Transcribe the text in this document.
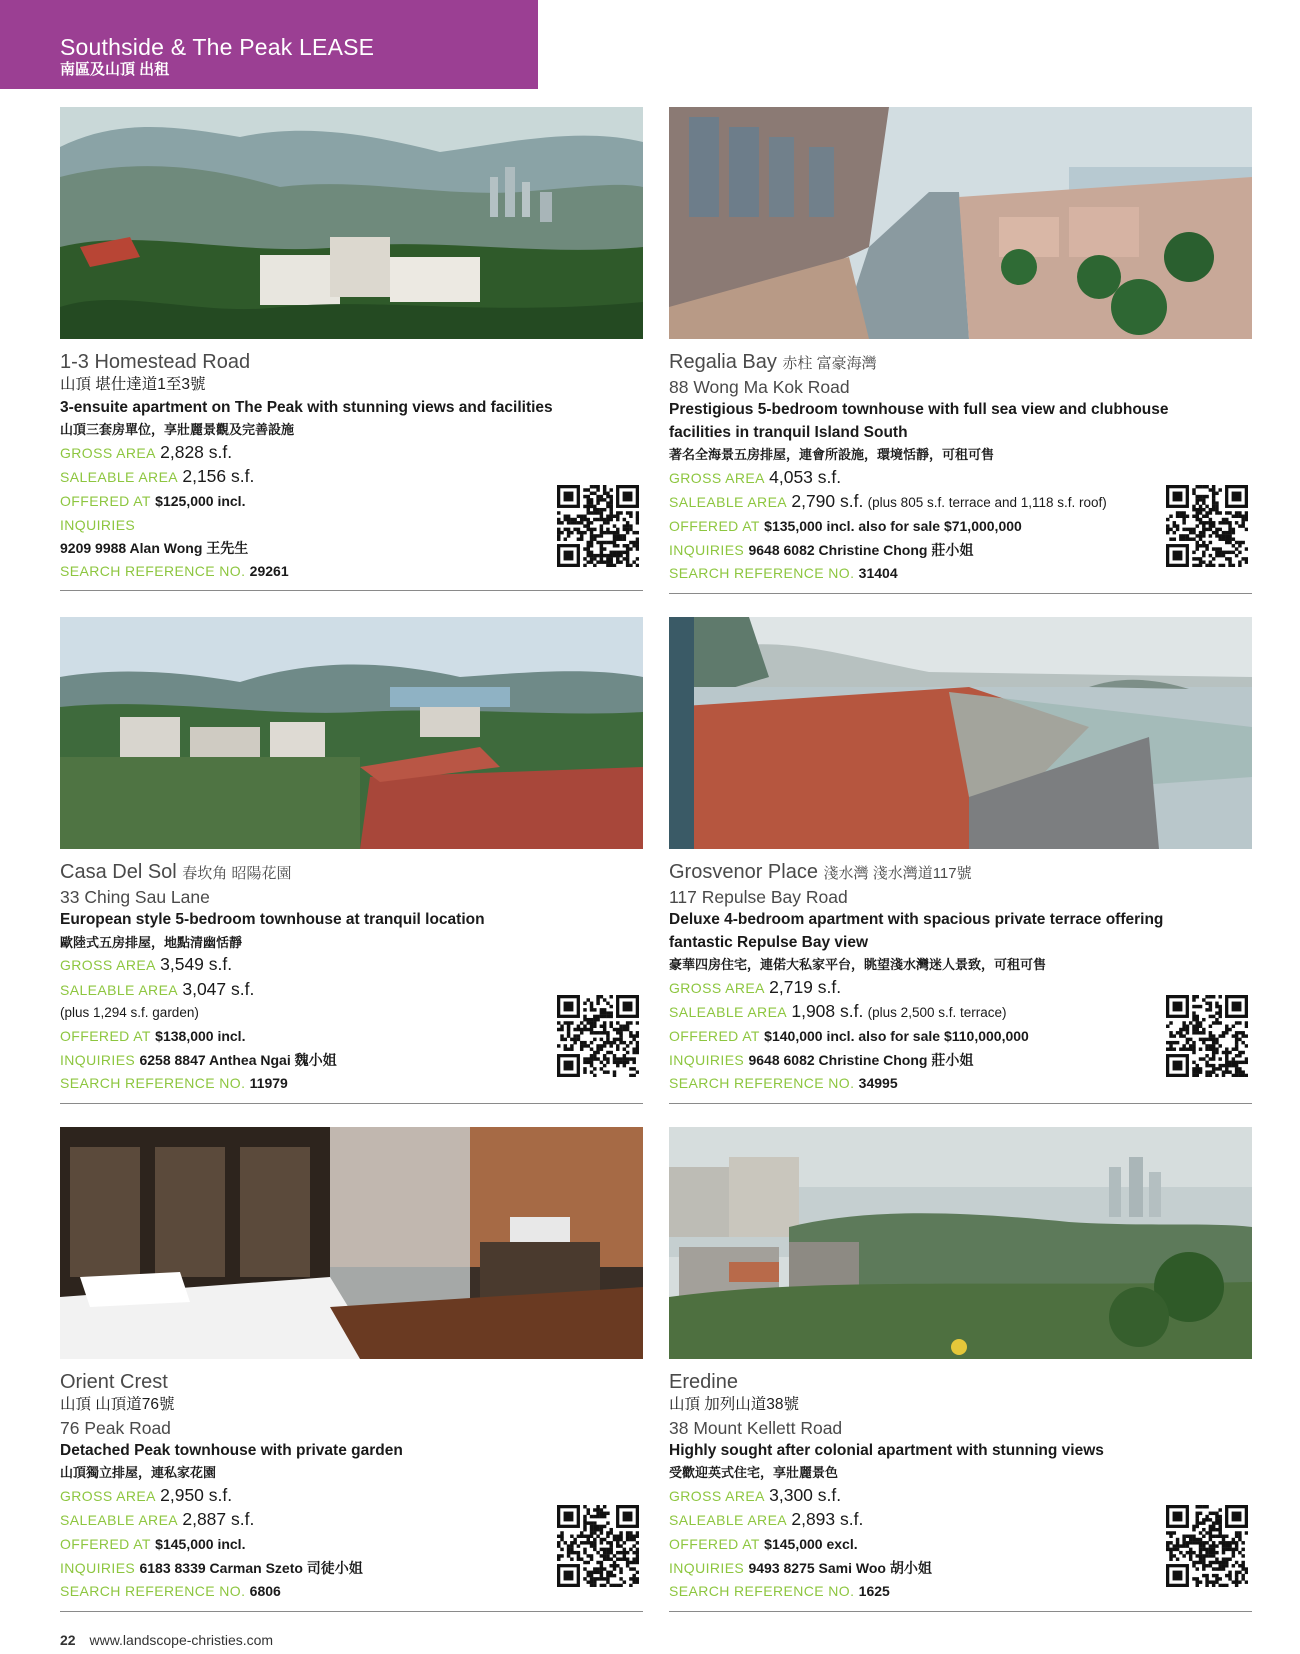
Southside & The Peak LEASE
南區及山頂 出租
1-3 Homestead Road
山頂 堪仕達道1至3號
3-ensuite apartment on The Peak with stunning views and facilities
山頂三套房單位，享壯麗景觀及完善設施
GROSS AREA 2,828 s.f.
SALEABLE AREA 2,156 s.f.
OFFERED AT $125,000 incl.
INQUIRIES
9209 9988 Alan Wong 王先生
SEARCH REFERENCE NO. 29261
Regalia Bay 赤柱 富豪海灣
88 Wong Ma Kok Road
Prestigious 5-bedroom townhouse with full sea view and clubhouse
facilities in tranquil Island South
著名全海景五房排屋，連會所設施，環境恬靜，可租可售
GROSS AREA 4,053 s.f.
SALEABLE AREA 2,790 s.f. (plus 805 s.f. terrace and 1,118 s.f. roof)
OFFERED AT $135,000 incl. also for sale $71,000,000
INQUIRIES 9648 6082 Christine Chong 莊小姐
SEARCH REFERENCE NO. 31404
Casa Del Sol 春坎角 昭陽花園
33 Ching Sau Lane
European style 5-bedroom townhouse at tranquil location
歐陸式五房排屋，地點清幽恬靜
GROSS AREA 3,549 s.f.
SALEABLE AREA 3,047 s.f.
(plus 1,294 s.f. garden)
OFFERED AT $138,000 incl.
INQUIRIES 6258 8847 Anthea Ngai 魏小姐
SEARCH REFERENCE NO. 11979
Grosvenor Place 淺水灣 淺水灣道117號
117 Repulse Bay Road
Deluxe 4-bedroom apartment with spacious private terrace offering
fantastic Repulse Bay view
豪華四房住宅，連偌大私家平台，眺望淺水灣迷人景致，可租可售
GROSS AREA 2,719 s.f.
SALEABLE AREA 1,908 s.f. (plus 2,500 s.f. terrace)
OFFERED AT $140,000 incl. also for sale $110,000,000
INQUIRIES 9648 6082 Christine Chong 莊小姐
SEARCH REFERENCE NO. 34995
Orient Crest
山頂 山頂道76號
76 Peak Road
Detached Peak townhouse with private garden
山頂獨立排屋，連私家花園
GROSS AREA 2,950 s.f.
SALEABLE AREA 2,887 s.f.
OFFERED AT $145,000 incl.
INQUIRIES 6183 8339 Carman Szeto 司徒小姐
SEARCH REFERENCE NO. 6806
Eredine
山頂 加列山道38號
38 Mount Kellett Road
Highly sought after colonial apartment with stunning views
受歡迎英式住宅，享壯麗景色
GROSS AREA 3,300 s.f.
SALEABLE AREA 2,893 s.f.
OFFERED AT $145,000 excl.
INQUIRIES 9493 8275 Sami Woo 胡小姐
SEARCH REFERENCE NO. 1625
22 www.landscope-christies.com
